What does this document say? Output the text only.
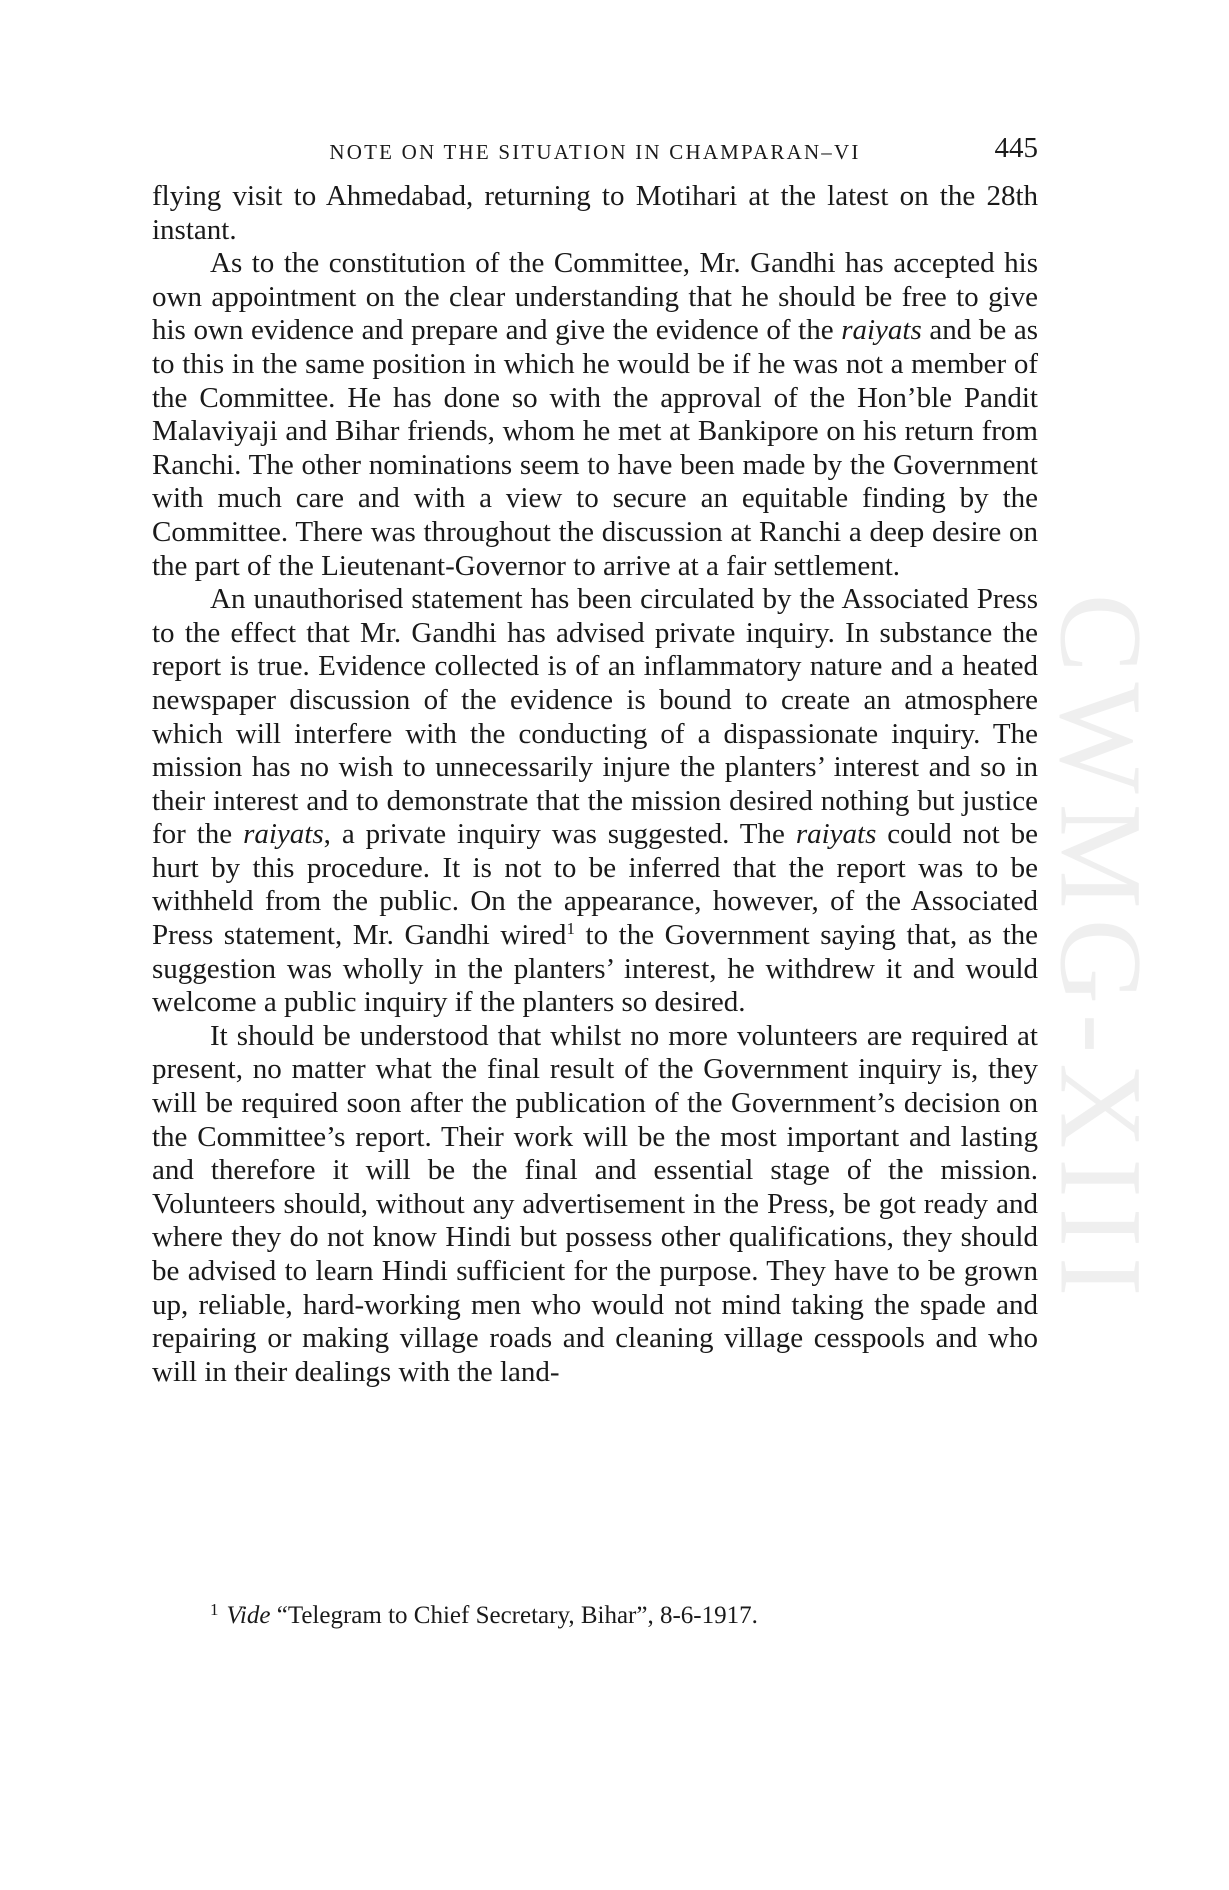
CWMG-XIII
NOTE ON THE SITUATION IN CHAMPARAN–VI	445

flying visit to Ahmedabad, returning to Motihari at the latest on the 28th instant.

As to the constitution of the Committee, Mr. Gandhi has accepted his own appointment on the clear understanding that he should be free to give his own evidence and prepare and give the evidence of the raiyats and be as to this in the same position in which he would be if he was not a member of the Committee. He has done so with the approval of the Hon’ble Pandit Malaviyaji and Bihar friends, whom he met at Bankipore on his return from Ranchi. The other nominations seem to have been made by the Government with much care and with a view to secure an equitable finding by the Committee. There was throughout the discussion at Ranchi a deep desire on the part of the Lieutenant-Governor to arrive at a fair settlement.

An unauthorised statement has been circulated by the Associated Press to the effect that Mr. Gandhi has advised private inquiry. In substance the report is true. Evidence collected is of an inflammatory nature and a heated newspaper discussion of the evidence is bound to create an atmosphere which will interfere with the conducting of a dispassionate inquiry. The mission has no wish to unnecessarily injure the planters’ interest and so in their interest and to demonstrate that the mission desired nothing but justice for the raiyats, a private inquiry was suggested. The raiyats could not be hurt by this procedure. It is not to be inferred that the report was to be withheld from the public. On the appearance, however, of the Associated Press statement, Mr. Gandhi wired$^1$ to the Government saying that, as the suggestion was wholly in the planters’ interest, he withdrew it and would welcome a public inquiry if the planters so desired.

It should be understood that whilst no more volunteers are required at present, no matter what the final result of the Government inquiry is, they will be required soon after the publication of the Government’s decision on the Committee’s report. Their work will be the most important and lasting and therefore it will be the final and essential stage of the mission. Volunteers should, without any advertisement in the Press, be got ready and where they do not know Hindi but possess other qualifications, they should be advised to learn Hindi sufficient for the purpose. They have to be grown up, reliable, hard-working men who would not mind taking the spade and repairing or making village roads and cleaning village cesspools and who will in their dealings with the land-

$^1$ Vide “Telegram to Chief Secretary, Bihar”, 8-6-1917.
